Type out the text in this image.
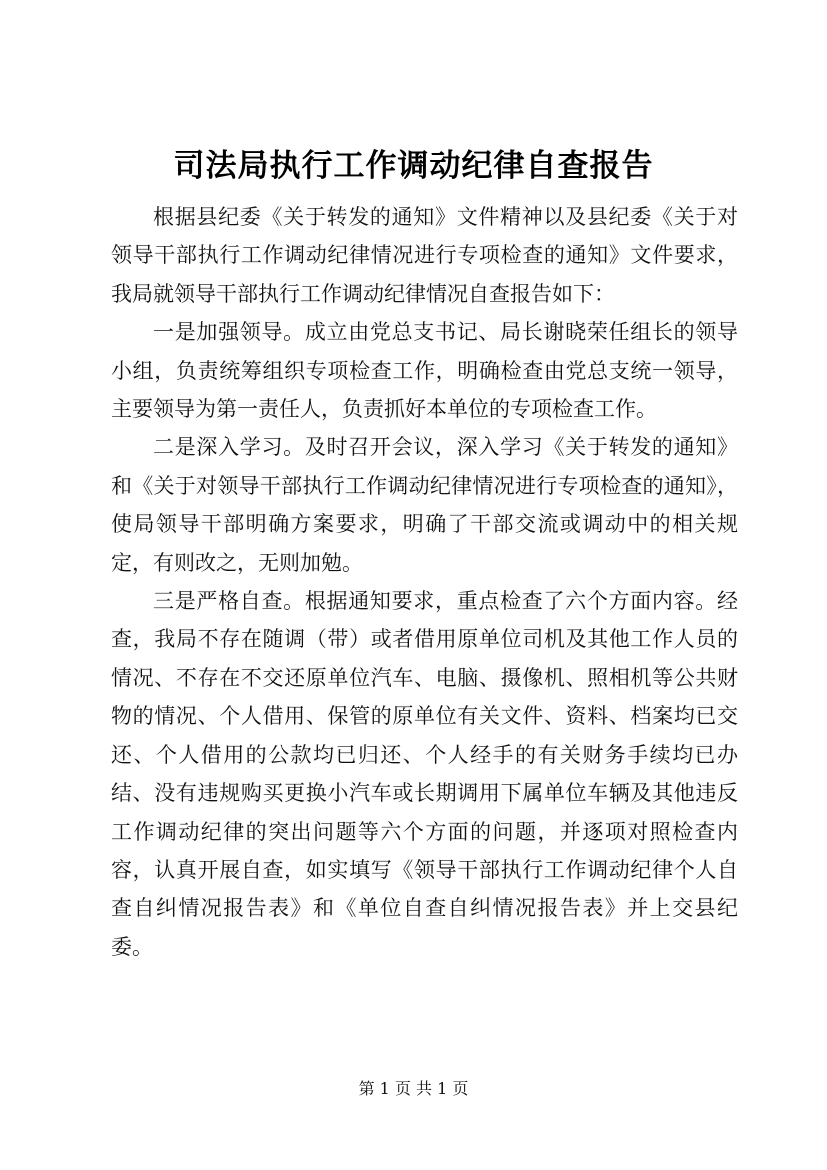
司法局执行工作调动纪律自查报告

根据县纪委《关于转发的通知》文件精神以及县纪委《关于对领导干部执行工作调动纪律情况进行专项检查的通知》文件要求，我局就领导干部执行工作调动纪律情况自查报告如下：

一是加强领导。成立由党总支书记、局长谢晓荣任组长的领导小组，负责统筹组织专项检查工作，明确检查由党总支统一领导，主要领导为第一责任人，负责抓好本单位的专项检查工作。

二是深入学习。及时召开会议，深入学习《关于转发的通知》和《关于对领导干部执行工作调动纪律情况进行专项检查的通知》，使局领导干部明确方案要求，明确了干部交流或调动中的相关规定，有则改之，无则加勉。

三是严格自查。根据通知要求，重点检查了六个方面内容。经查，我局不存在随调（带）或者借用原单位司机及其他工作人员的情况、不存在不交还原单位汽车、电脑、摄像机、照相机等公共财物的情况、个人借用、保管的原单位有关文件、资料、档案均已交还、个人借用的公款均已归还、个人经手的有关财务手续均已办结、没有违规购买更换小汽车或长期调用下属单位车辆及其他违反工作调动纪律的突出问题等六个方面的问题，并逐项对照检查内容，认真开展自查，如实填写《领导干部执行工作调动纪律个人自查自纠情况报告表》和《单位自查自纠情况报告表》并上交县纪委。

第 1 页 共 1 页
